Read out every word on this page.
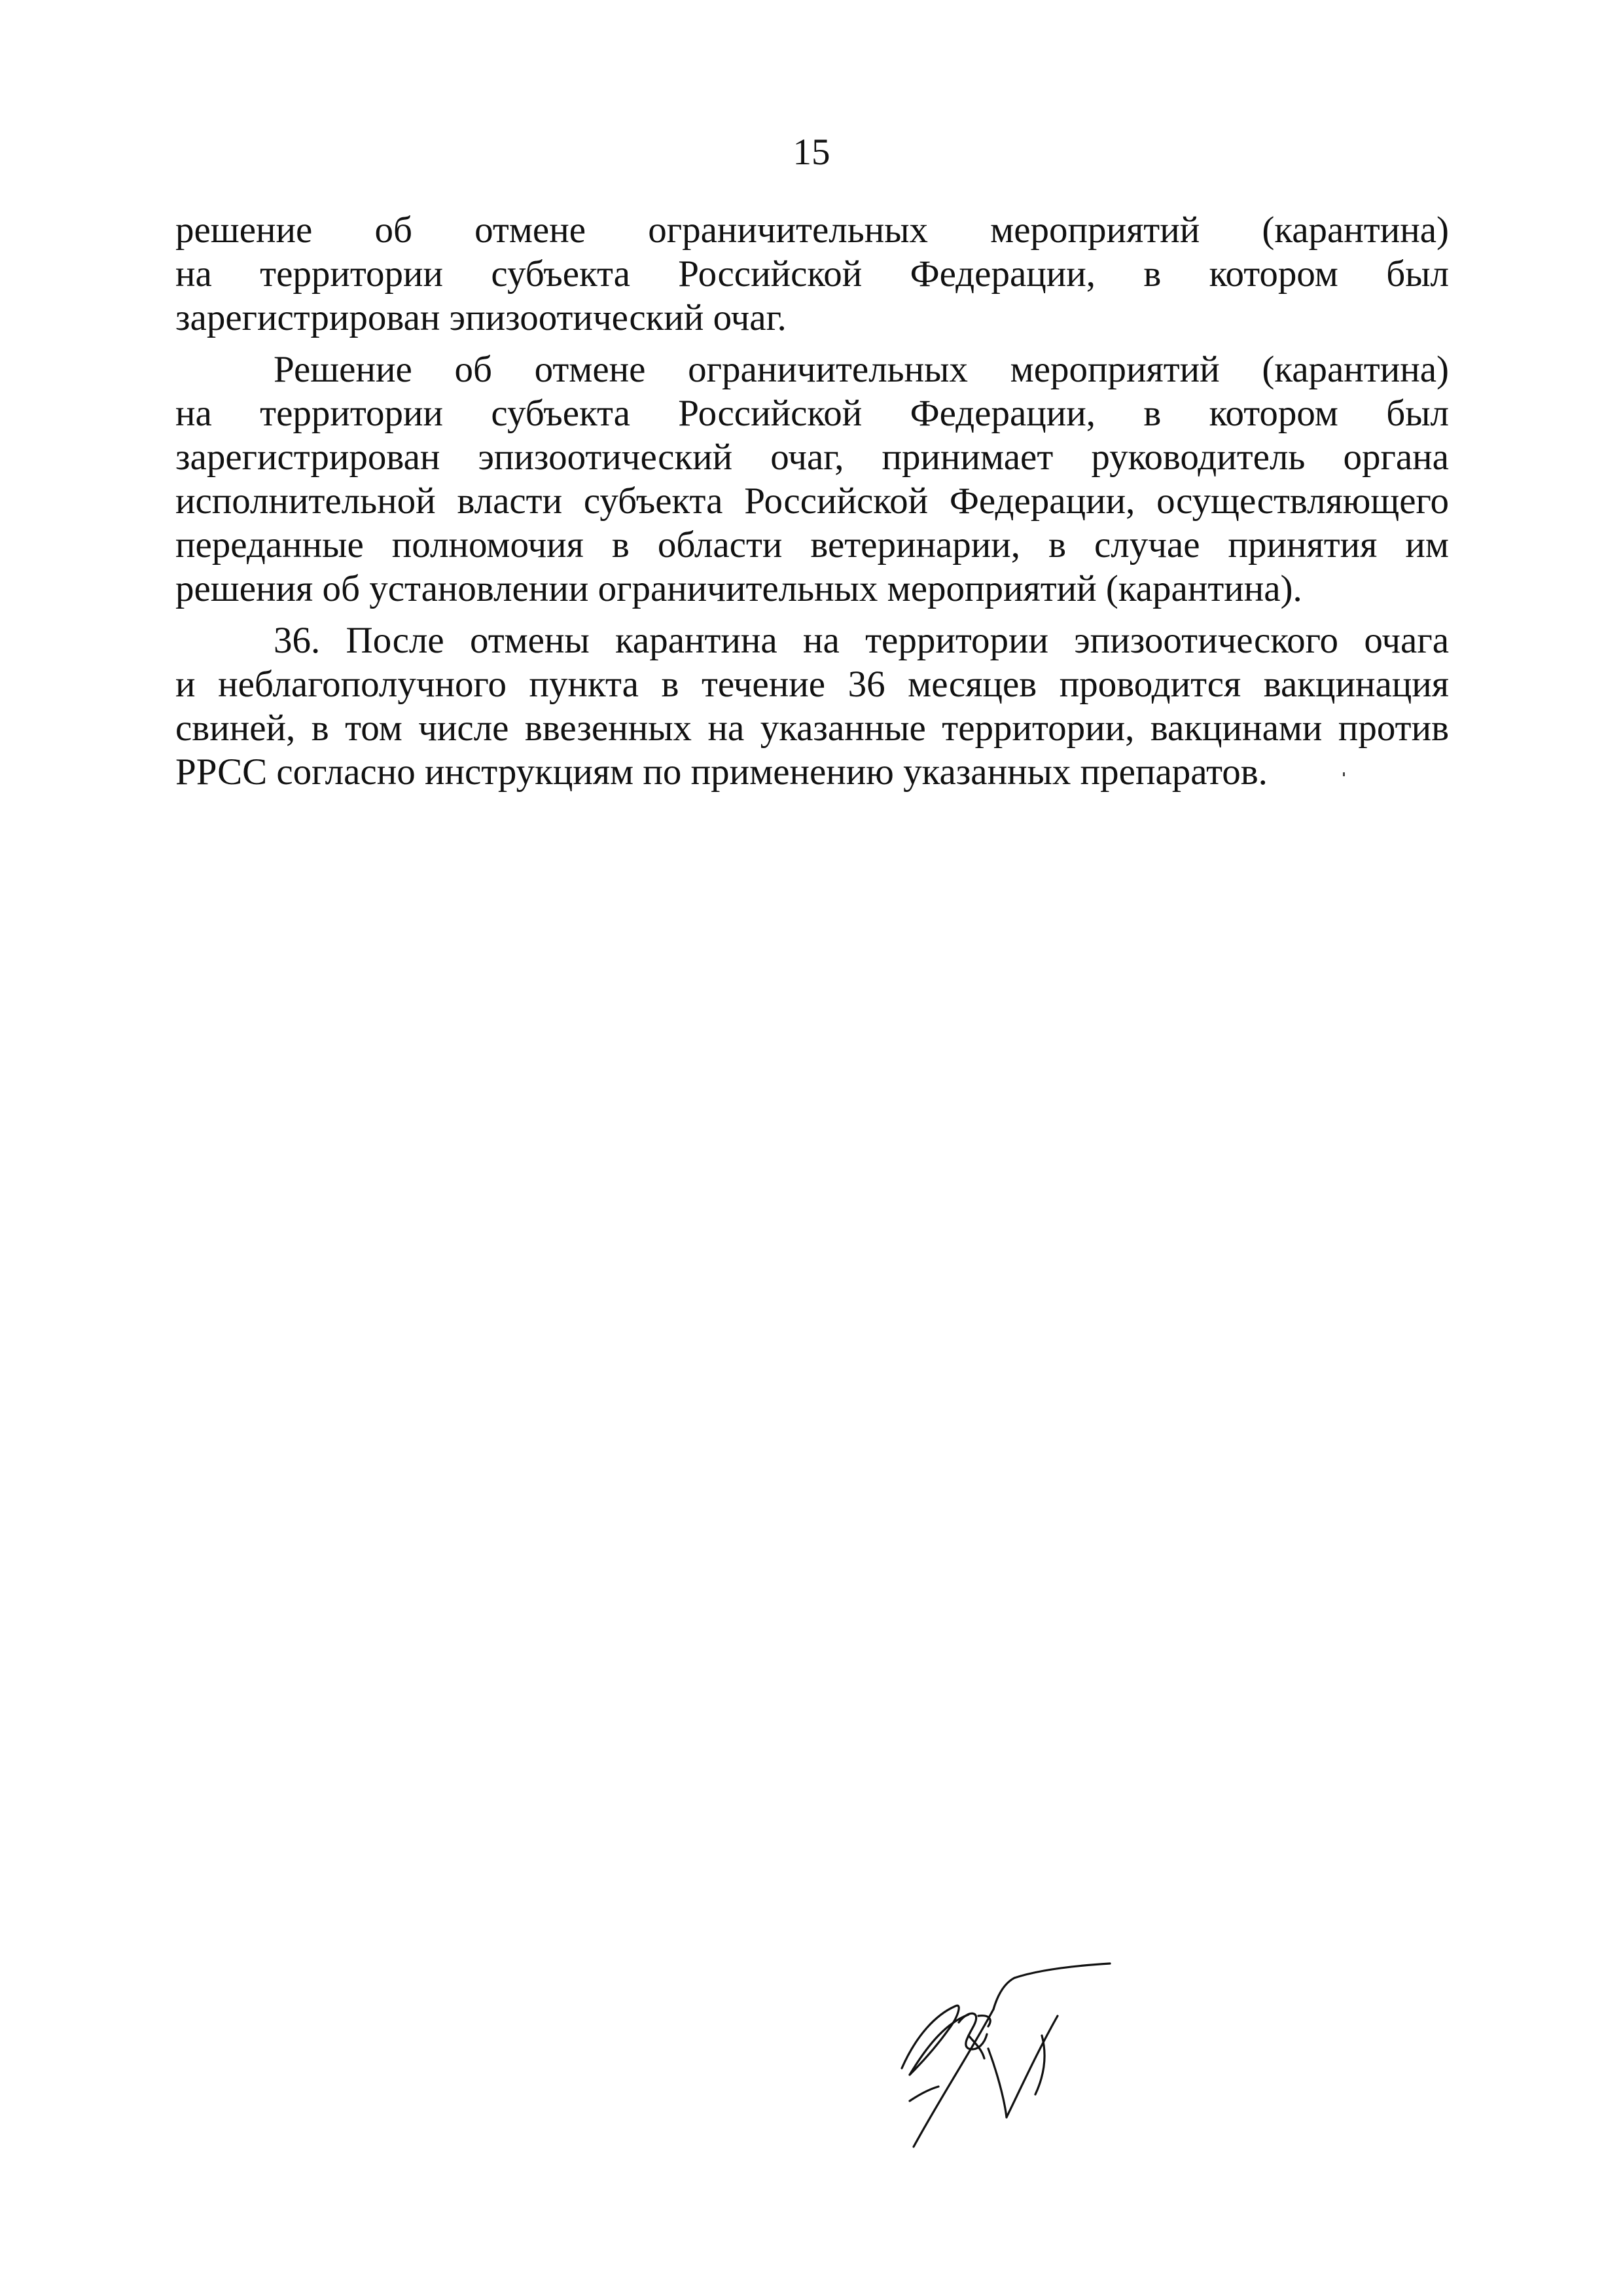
15

решение об отмене ограничительных мероприятий (карантина)
на территории субъекта Российской Федерации, в котором был
зарегистрирован эпизоотический очаг.

Решение об отмене ограничительных мероприятий (карантина)
на территории субъекта Российской Федерации, в котором был
зарегистрирован эпизоотический очаг, принимает руководитель органа
исполнительной власти субъекта Российской Федерации, осуществляющего
переданные полномочия в области ветеринарии, в случае принятия им
решения об установлении ограничительных мероприятий (карантина).

36. После отмены карантина на территории эпизоотического очага
и неблагополучного пункта в течение 36 месяцев проводится вакцинация
свиней, в том числе ввезенных на указанные территории, вакцинами против
РРСС согласно инструкциям по применению указанных препаратов.
